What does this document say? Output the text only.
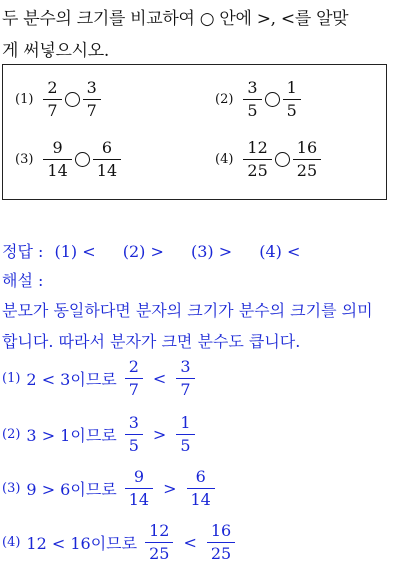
두 분수의 크기를 비교하여 ○ 안에 >, <를 알맞
게 써넣으시오.
$(1) \frac{2}{7} \frac{3}{7}$	$(2) \frac{3}{5} \frac{1}{5}$
$(3) \frac{9}{14} \frac{6}{14}$	$(4) \frac{12}{25} \frac{16}{25}$
정답 : (1) < (2) > (3) > (4) <
해설 :
분모가 동일하다면 분자의 크기가 분수의 크기를 의미
합니다. 따라서 분자가 크면 분수도 큽니다.
(1) 2 < 3이므로 $\frac{2}{7} < \frac{3}{7}$
(2) 3 > 1이므로 $\frac{3}{5} > \frac{1}{5}$
(3) 9 > 6이므로 $\frac{9}{14} > \frac{6}{14}$
(4) 12 < 16이므로 $\frac{12}{25} < \frac{16}{25}$
